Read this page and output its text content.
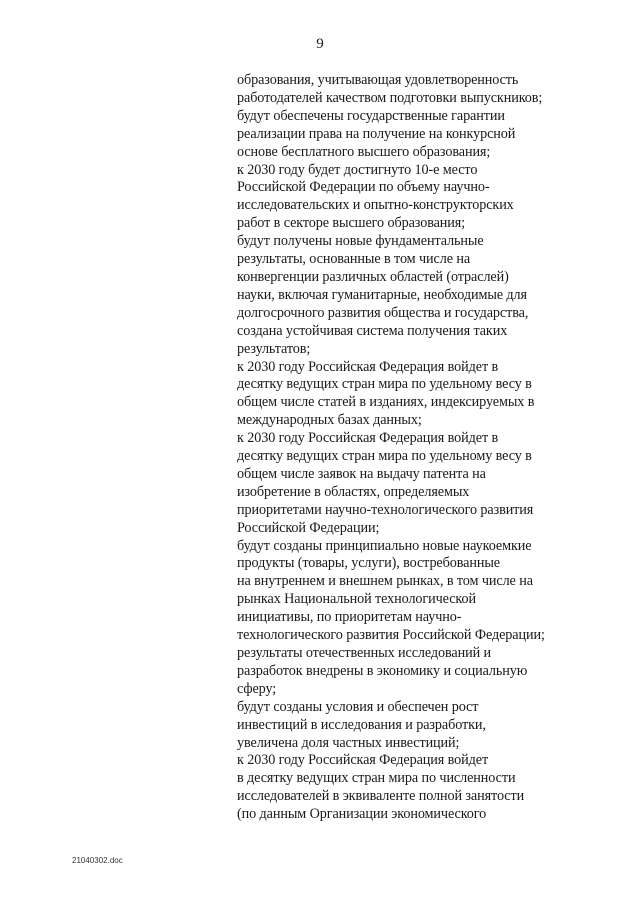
9
образования, учитывающая удовлетворенность
работодателей качеством подготовки выпускников;
будут обеспечены государственные гарантии
реализации права на получение на конкурсной
основе бесплатного высшего образования;
к 2030 году будет достигнуто 10-е место
Российской Федерации по объему научно-
исследовательских и опытно-конструкторских
работ в секторе высшего образования;
будут получены новые фундаментальные
результаты, основанные в том числе на
конвергенции различных областей (отраслей)
науки, включая гуманитарные, необходимые для
долгосрочного развития общества и государства,
создана устойчивая система получения таких
результатов;
к 2030 году Российская Федерация войдет в
десятку ведущих стран мира по удельному весу в
общем числе статей в изданиях, индексируемых в
международных базах данных;
к 2030 году Российская Федерация войдет в
десятку ведущих стран мира по удельному весу в
общем числе заявок на выдачу патента на
изобретение в областях, определяемых
приоритетами научно-технологического развития
Российской Федерации;
будут созданы принципиально новые наукоемкие
продукты (товары, услуги), востребованные
на внутреннем и внешнем рынках, в том числе на
рынках Национальной технологической
инициативы, по приоритетам научно-
технологического развития Российской Федерации;
результаты отечественных исследований и
разработок внедрены в экономику и социальную
сферу;
будут созданы условия и обеспечен рост
инвестиций в исследования и разработки,
увеличена доля частных инвестиций;
к 2030 году Российская Федерация войдет
в десятку ведущих стран мира по численности
исследователей в эквиваленте полной занятости
(по данным Организации экономического
21040302.doc
